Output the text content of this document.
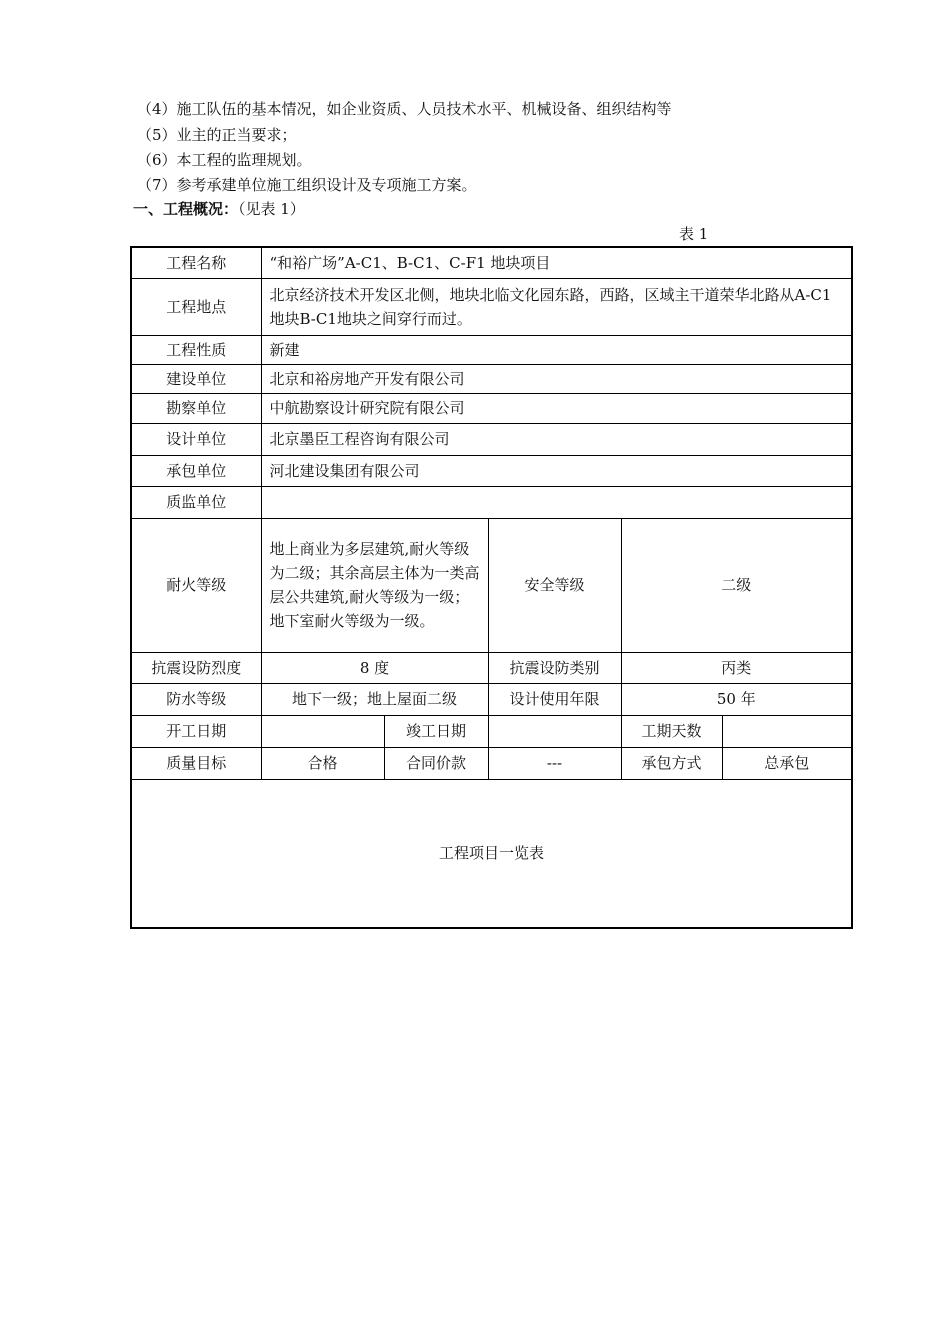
（4）施工队伍的基本情况，如企业资质、人员技术水平、机械设备、组织结构等
（5）业主的正当要求；
（6）本工程的监理规划。
（7）参考承建单位施工组织设计及专项施工方案。
一、工程概况：（见表 1）
表 1
工程名称	“和裕广场”A-C1、B-C1、C-F1 地块项目				
工程地点	北京经济技术开发区北侧，地块北临文化园东路，西路，区域主干道荣华北路从A-C1地块B-C1地块之间穿行而过。				
工程性质	新建				
建设单位	北京和裕房地产开发有限公司				
勘察单位	中航勘察设计研究院有限公司				
设计单位	北京墨臣工程咨询有限公司				
承包单位	河北建设集团有限公司				
质监单位					
耐火等级	地上商业为多层建筑,耐火等级为二级；其余高层主体为一类高层公共建筑,耐火等级为一级；地下室耐火等级为一级。		安全等级	二级	
抗震设防烈度	8 度		抗震设防类别	丙类	
防水等级	地下一级；地上屋面二级		设计使用年限	50 年	
开工日期		竣工日期		工期天数	
质量目标	合格	合同价款	---	承包方式	总承包
工程项目一览表					
